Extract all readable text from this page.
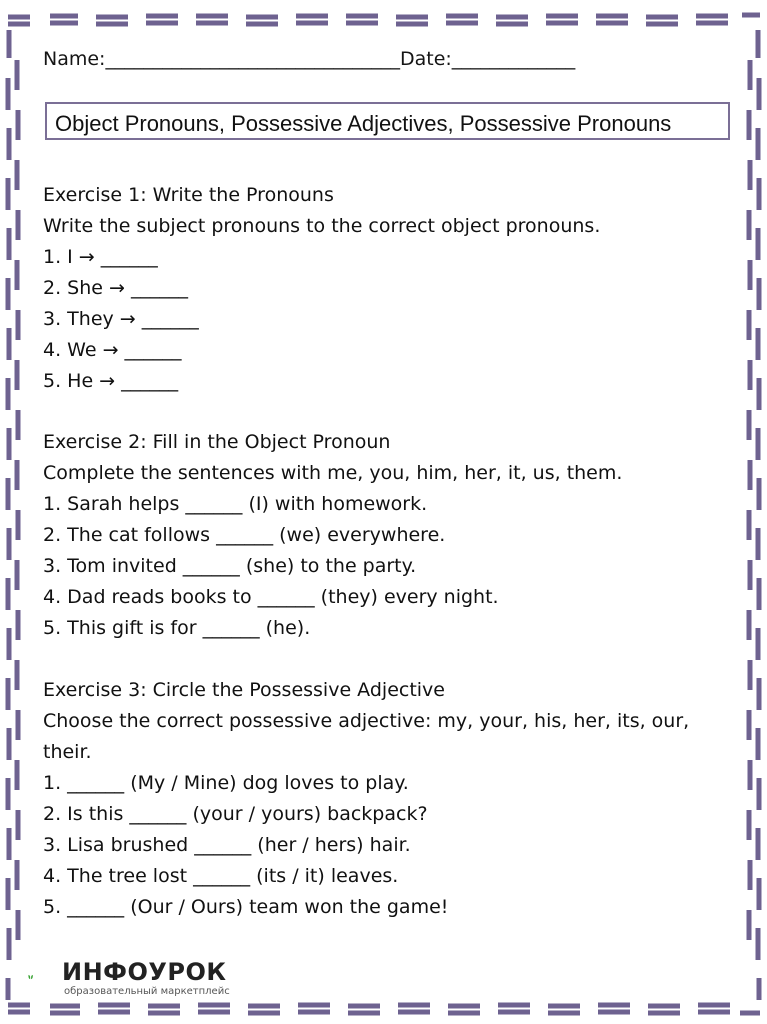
Name:_______________________________Date:_____________
Object Pronouns, Possessive Adjectives, Possessive Pronouns
Exercise 1: Write the Pronouns
Write the subject pronouns to the correct object pronouns.
1. I → ______
2. She → ______
3. They → ______
4. We → ______
5. He → ______
Exercise 2: Fill in the Object Pronoun
Complete the sentences with me, you, him, her, it, us, them.
1. Sarah helps ______ (I) with homework.
2. The cat follows ______ (we) everywhere.
3. Tom invited ______ (she) to the party.
4. Dad reads books to ______ (they) every night.
5. This gift is for ______ (he).
Exercise 3: Circle the Possessive Adjective
Choose the correct possessive adjective: my, your, his, her, its, our, their.
1. ______ (My / Mine) dog loves to play.
2. Is this ______ (your / yours) backpack?
3. Lisa brushed ______ (her / hers) hair.
4. The tree lost ______ (its / it) leaves.
5. ______ (Our / Ours) team won the game!
ИНФОУРОК
образовательный маркетплейс
